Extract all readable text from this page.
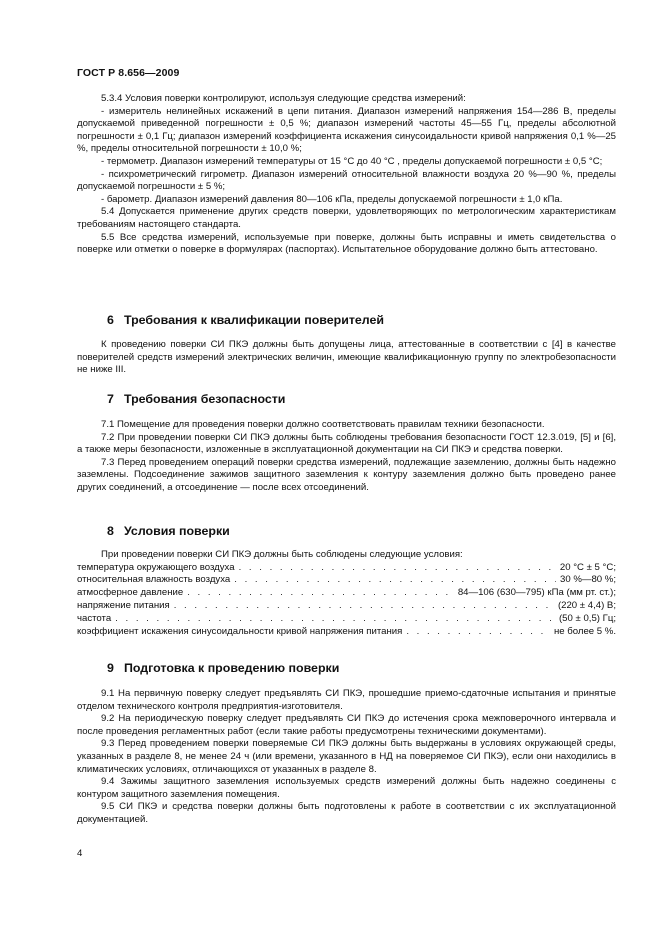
ГОСТ Р 8.656—2009

5.3.4 Условия поверки контролируют, используя следующие средства измерений:

- измеритель нелинейных искажений в цепи питания. Диапазон измерений напряжения 154—286 В, пределы допускаемой приведенной погрешности ± 0,5 %; диапазон измерений частоты 45—55 Гц, пределы абсолютной погрешности ± 0,1 Гц; диапазон измерений коэффициента искажения синусоидальности кривой напряжения 0,1 %—25 %, пределы относительной погрешности ± 10,0 %;

- термометр. Диапазон измерений температуры от 15 °С до 40 °С , пределы допускаемой погрешности ± 0,5 °С;

- психрометрический гигрометр. Диапазон измерений относительной влажности воздуха 20 %—90 %, пределы допускаемой погрешности ± 5 %;

- барометр. Диапазон измерений давления 80—106 кПа, пределы допускаемой погрешности ± 1,0 кПа.

5.4 Допускается применение других средств поверки, удовлетворяющих по метрологическим характеристикам требованиям настоящего стандарта.

5.5 Все средства измерений, используемые при поверке, должны быть исправны и иметь свидетельства о поверке или отметки о поверке в формулярах (паспортах). Испытательное оборудование должно быть аттестовано.

6 Требования к квалификации поверителей

К проведению поверки СИ ПКЭ должны быть допущены лица, аттестованные в соответствии с [4] в качестве поверителей средств измерений электрических величин, имеющие квалификационную группу по электробезопасности не ниже III.

7 Требования безопасности

7.1 Помещение для проведения поверки должно соответствовать правилам техники безопасности.

7.2 При проведении поверки СИ ПКЭ должны быть соблюдены требования безопасности ГОСТ 12.3.019, [5] и [6], а также меры безопасности, изложенные в эксплуатационной документации на СИ ПКЭ и средства поверки.

7.3 Перед проведением операций поверки средства измерений, подлежащие заземлению, должны быть надежно заземлены. Подсоединение зажимов защитного заземления к контуру заземления должно быть проведено ранее других соединений, а отсоединение — после всех отсоединений.

8 Условия поверки

При проведении поверки СИ ПКЭ должны быть соблюдены следующие условия:

температура окружающего воздуха . . .	20 °С ± 5 °С;
относительная влажность воздуха . . .	30 %—80 %;
атмосферное давление . . .	84—106 (630—795) кПа (мм рт. ст.);
напряжение питания . . .	(220 ± 4,4) В;
частота . . .	(50 ± 0,5) Гц;
коэффициент искажения синусоидальности кривой напряжения питания . . .	не более 5 %.
9 Подготовка к проведению поверки

9.1 На первичную поверку следует предъявлять СИ ПКЭ, прошедшие приемо-сдаточные испытания и принятые отделом технического контроля предприятия-изготовителя.

9.2 На периодическую поверку следует предъявлять СИ ПКЭ до истечения срока межповерочного интервала и после проведения регламентных работ (если такие работы предусмотрены техническими документами).

9.3 Перед проведением поверки поверяемые СИ ПКЭ должны быть выдержаны в условиях окружающей среды, указанных в разделе 8, не менее 24 ч (или времени, указанного в НД на поверяемое СИ ПКЭ), если они находились в климатических условиях, отличающихся от указанных в разделе 8.

9.4 Зажимы защитного заземления используемых средств измерений должны быть надежно соединены с контуром защитного заземления помещения.

9.5 СИ ПКЭ и средства поверки должны быть подготовлены к работе в соответствии с их эксплуатационной документацией.

4
